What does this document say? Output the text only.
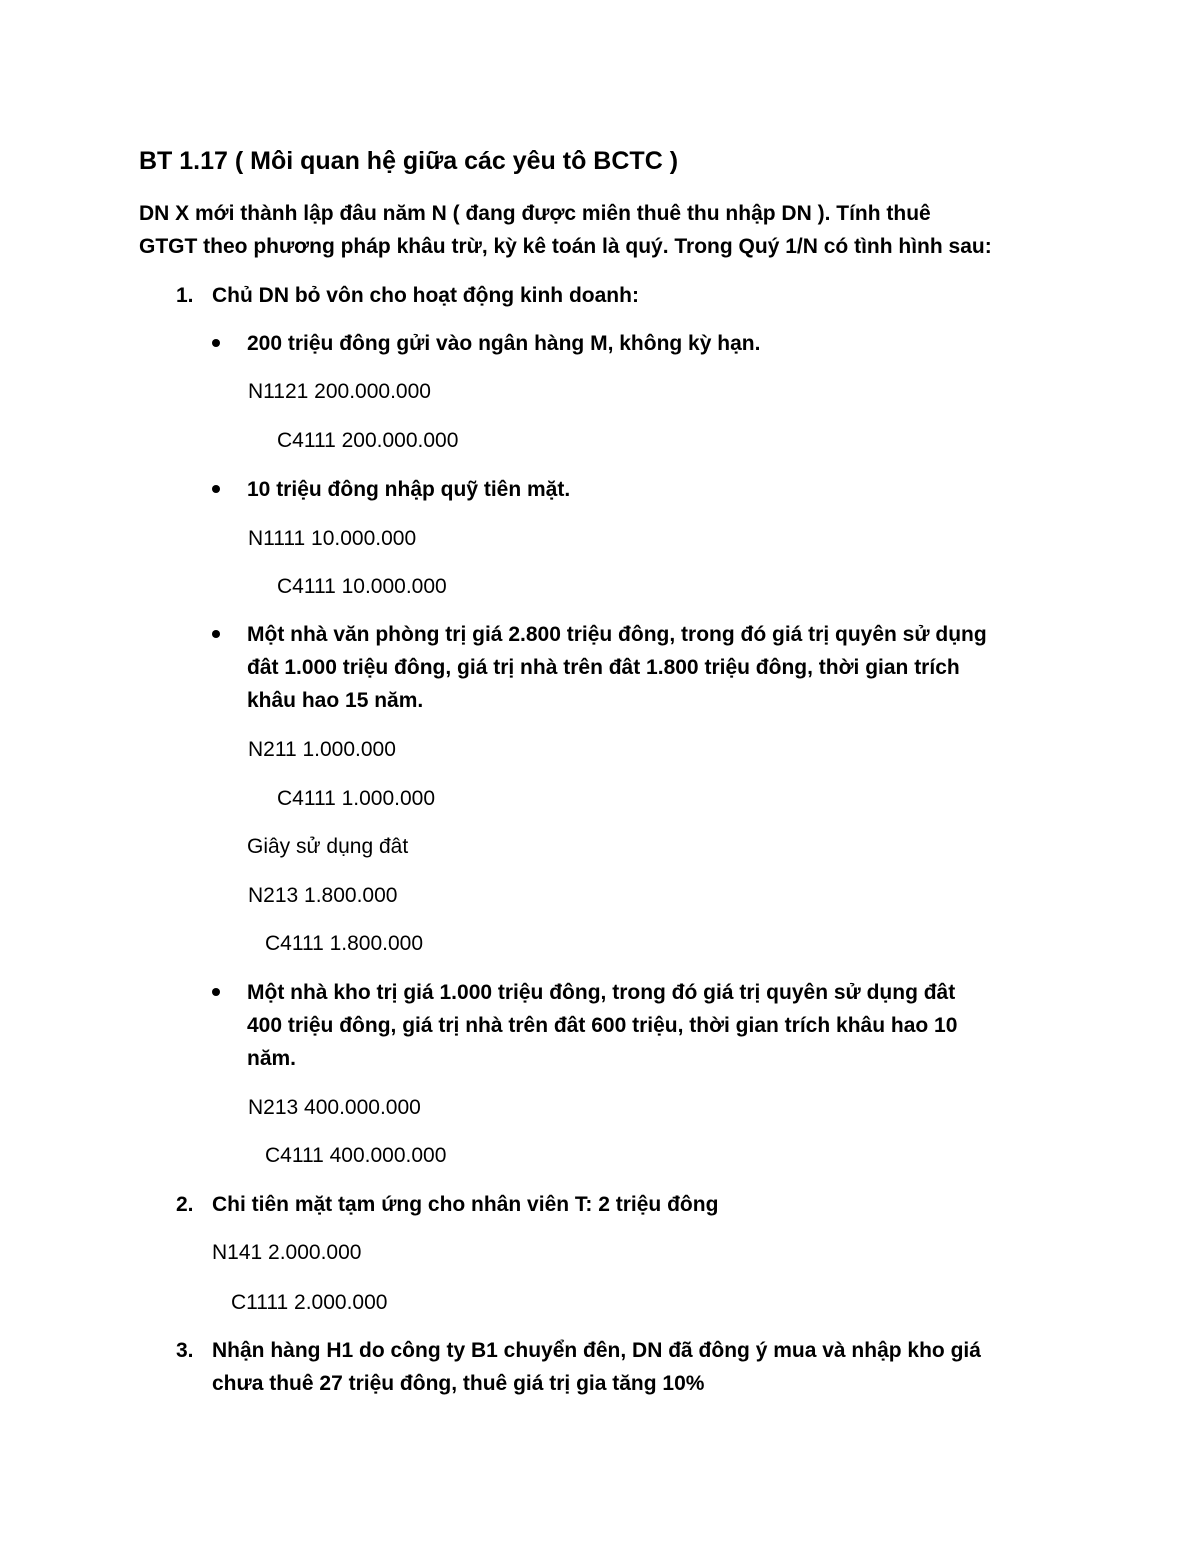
BT 1.17 ( Môi quan hệ giữa các yêu tô BCTC )
DN X mới thành lập đâu năm N ( đang được miên thuê thu nhập DN ). Tính thuê
GTGT theo phương pháp khâu trừ, kỳ kê toán là quý. Trong Quý 1/N có tình hình sau:
1. Chủ DN bỏ vôn cho hoạt động kinh doanh:
200 triệu đông gửi vào ngân hàng M, không kỳ hạn.
N1121 200.000.000
C4111 200.000.000
10 triệu đông nhập quỹ tiên mặt.
N1111 10.000.000
C4111 10.000.000
Một nhà văn phòng trị giá 2.800 triệu đông, trong đó giá trị quyên sử dụng
đât 1.000 triệu đông, giá trị nhà trên đât 1.800 triệu đông, thời gian trích
khâu hao 15 năm.
N211 1.000.000
C4111 1.000.000
Giây sử dụng đât
N213 1.800.000
C4111 1.800.000
Một nhà kho trị giá 1.000 triệu đông, trong đó giá trị quyên sử dụng đât
400 triệu đông, giá trị nhà trên đât 600 triệu, thời gian trích khâu hao 10
năm.
N213 400.000.000
C4111 400.000.000
2. Chi tiên mặt tạm ứng cho nhân viên T: 2 triệu đông
N141 2.000.000
C1111 2.000.000
3. Nhận hàng H1 do công ty B1 chuyển đên, DN đã đông ý mua và nhập kho giá
chưa thuê 27 triệu đông, thuê giá trị gia tăng 10%
